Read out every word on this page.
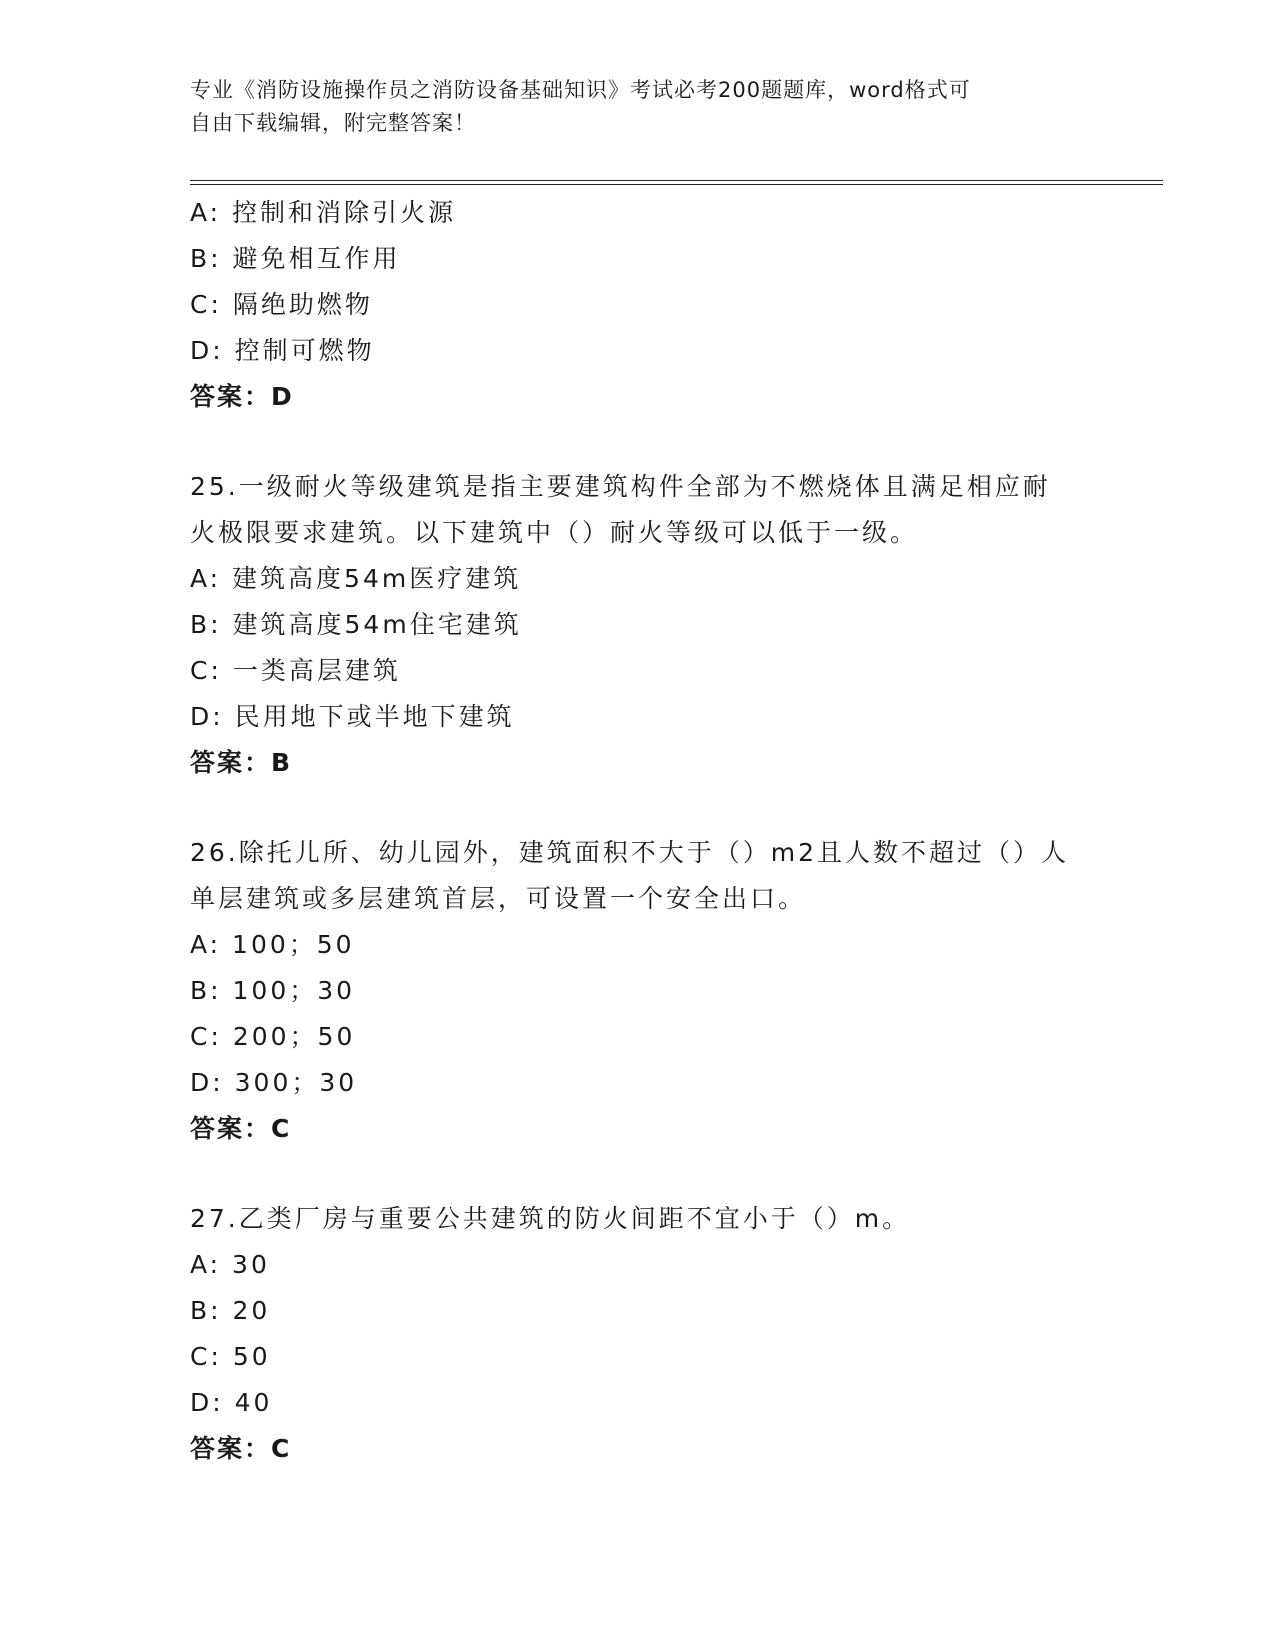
专业《消防设施操作员之消防设备基础知识》考试必考200题题库，word格式可
自由下载编辑，附完整答案！
A: 控制和消除引火源
B: 避免相互作用
C: 隔绝助燃物
D: 控制可燃物
答案：D
25.一级耐火等级建筑是指主要建筑构件全部为不燃烧体且满足相应耐
火极限要求建筑。以下建筑中（）耐火等级可以低于一级。
A: 建筑高度54m医疗建筑
B: 建筑高度54m住宅建筑
C: 一类高层建筑
D: 民用地下或半地下建筑
答案：B
26.除托儿所、幼儿园外，建筑面积不大于（）m2且人数不超过（）人
单层建筑或多层建筑首层，可设置一个安全出口。
A: 100；50
B: 100；30
C: 200；50
D: 300；30
答案：C
27.乙类厂房与重要公共建筑的防火间距不宜小于（）m。
A: 30
B: 20
C: 50
D: 40
答案：C
